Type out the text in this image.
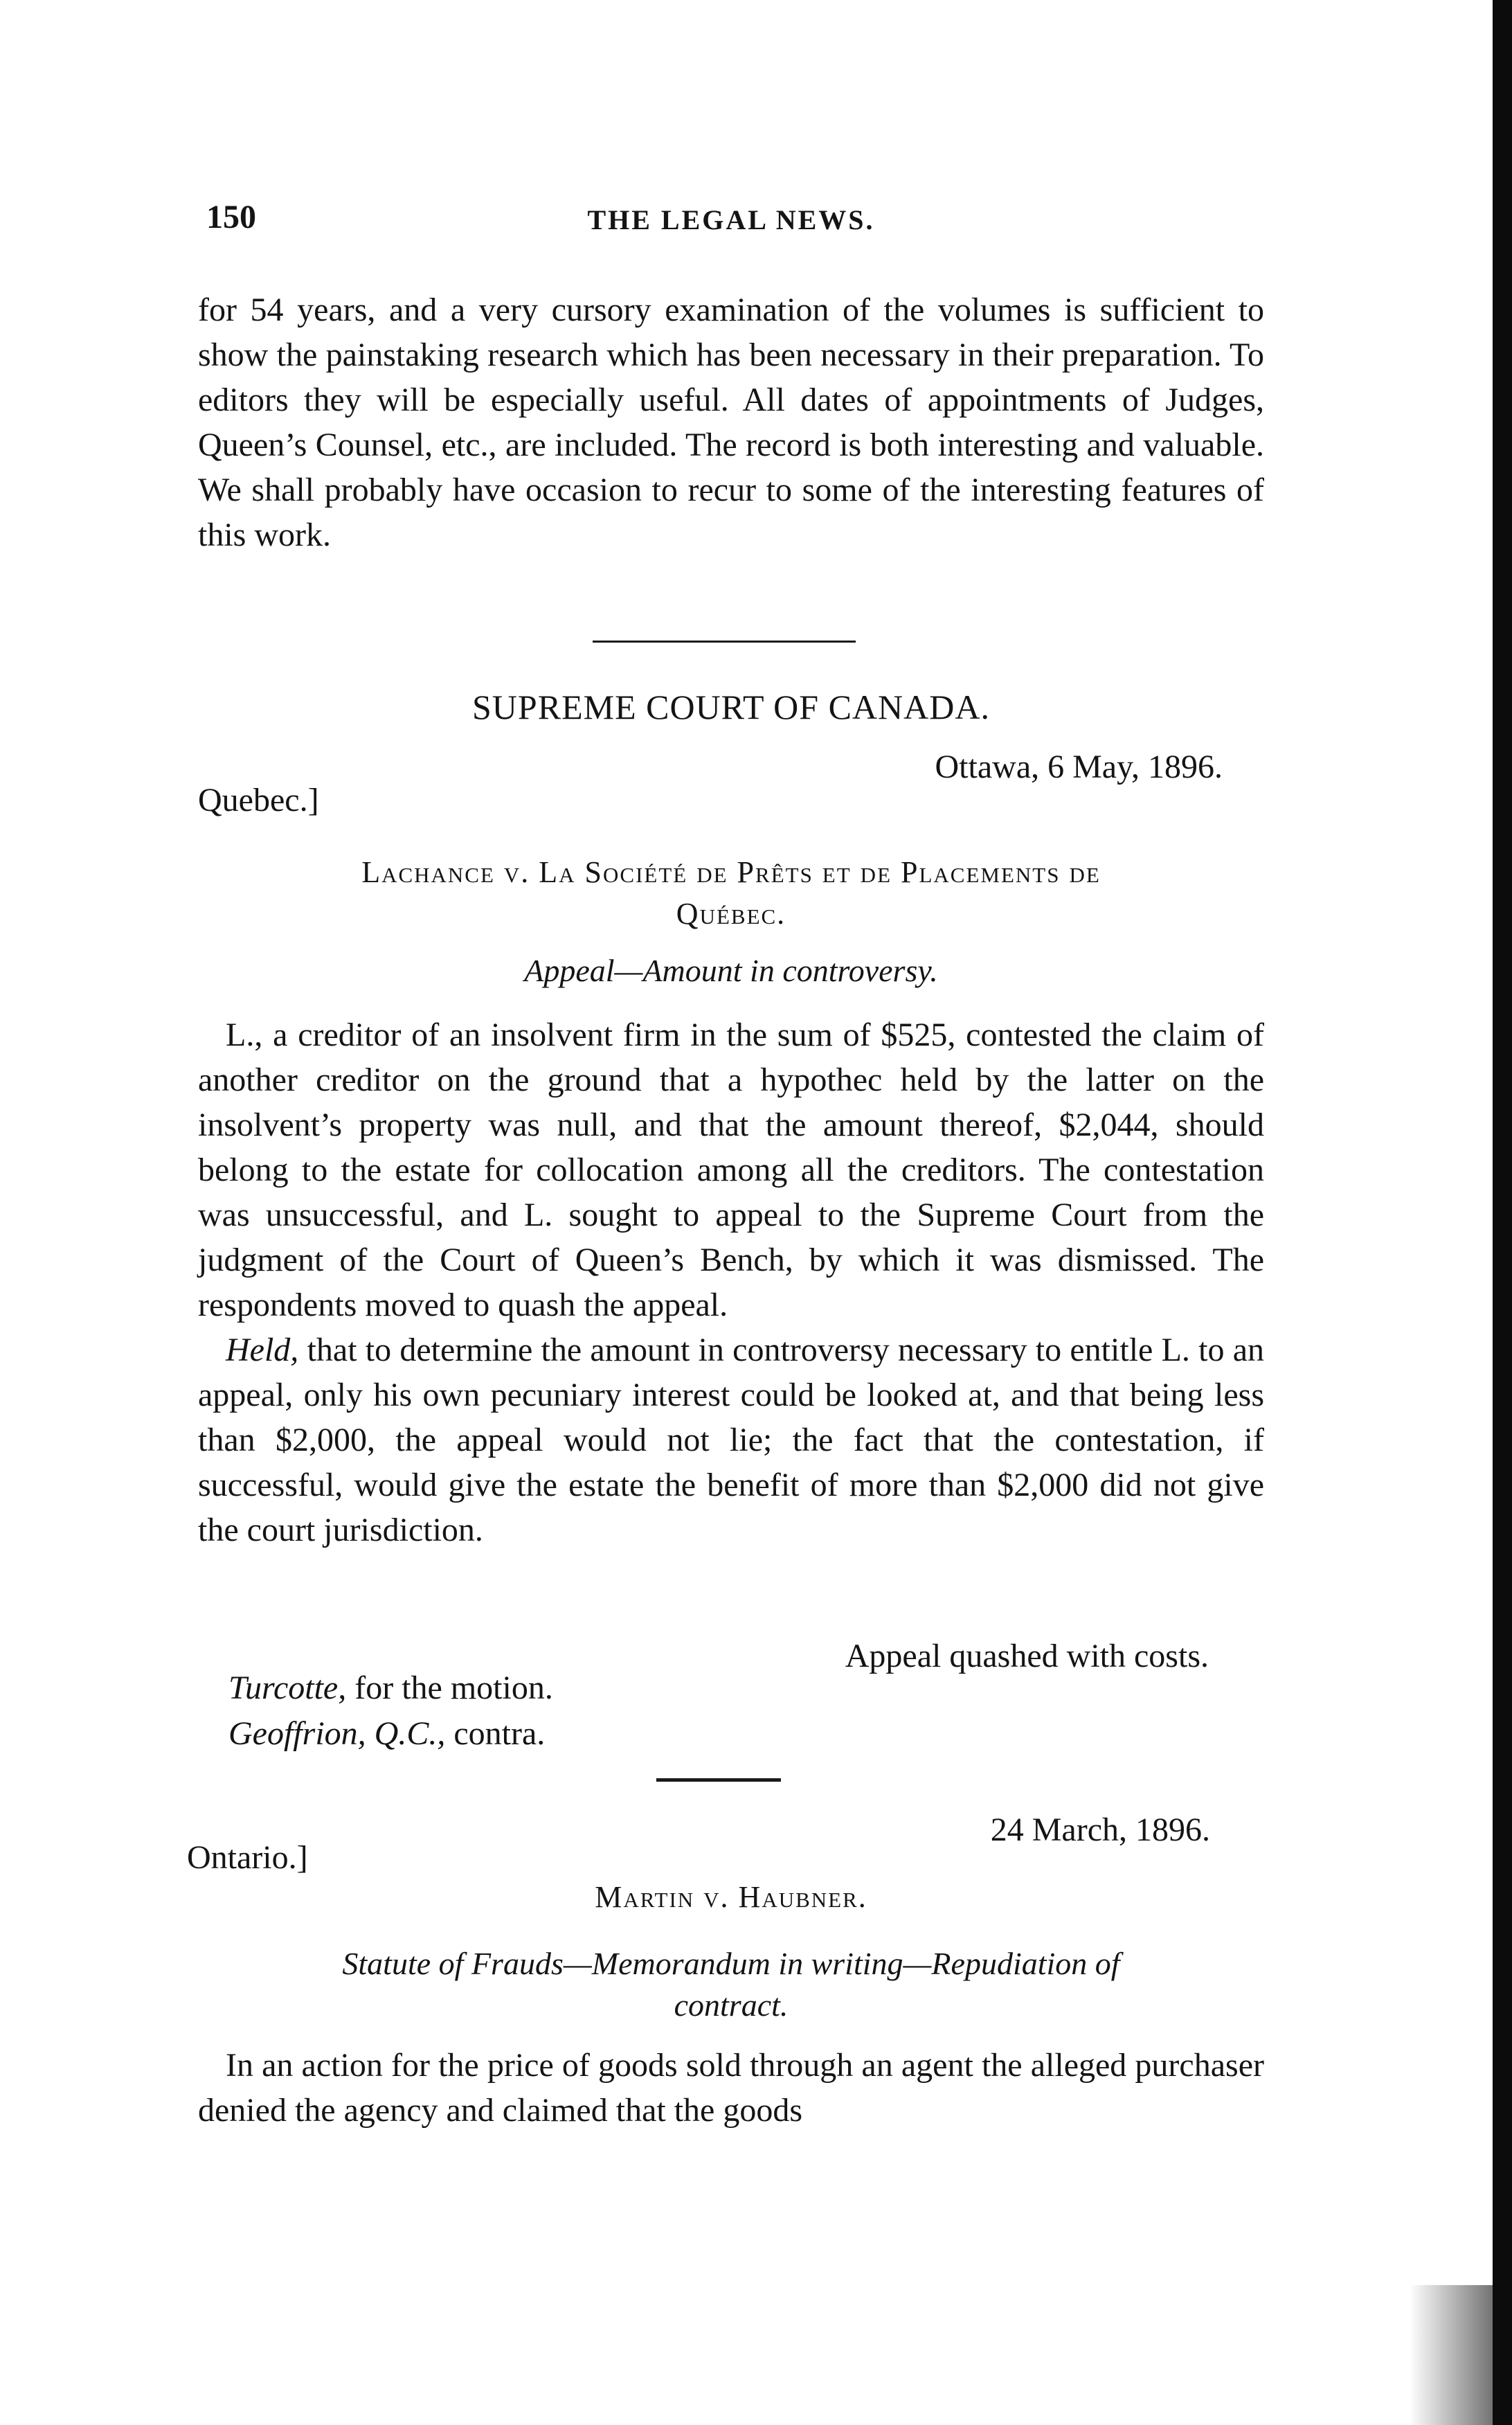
150	THE LEGAL NEWS.

for 54 years, and a very cursory examination of the volumes is sufficient to show the painstaking research which has been necessary in their preparation. To editors they will be especially useful. All dates of appointments of Judges, Queen’s Counsel, etc., are included. The record is both interesting and valuable. We shall probably have occasion to recur to some of the interesting features of this work.

SUPREME COURT OF CANADA.
Ottawa, 6 May, 1896.
Quebec.]
Lachance v. La Société de Prêts et de Placements de
Québec.
Appeal—Amount in controversy.

L., a creditor of an insolvent firm in the sum of $525, contested the claim of another creditor on the ground that a hypothec held by the latter on the insolvent’s property was null, and that the amount thereof, $2,044, should belong to the estate for collocation among all the creditors. The contestation was unsuccessful, and L. sought to appeal to the Supreme Court from the judgment of the Court of Queen’s Bench, by which it was dismissed. The respondents moved to quash the appeal.

Held, that to determine the amount in controversy necessary to entitle L. to an appeal, only his own pecuniary interest could be looked at, and that being less than $2,000, the appeal would not lie; the fact that the contestation, if successful, would give the estate the benefit of more than $2,000 did not give the court jurisdiction.

Appeal quashed with costs.
Turcotte, for the motion.
Geoffrion, Q.C., contra.
24 March, 1896.
Ontario.]
Martin v. Haubner.
Statute of Frauds—Memorandum in writing—Repudiation of
contract.

In an action for the price of goods sold through an agent the alleged purchaser denied the agency and claimed that the goods
